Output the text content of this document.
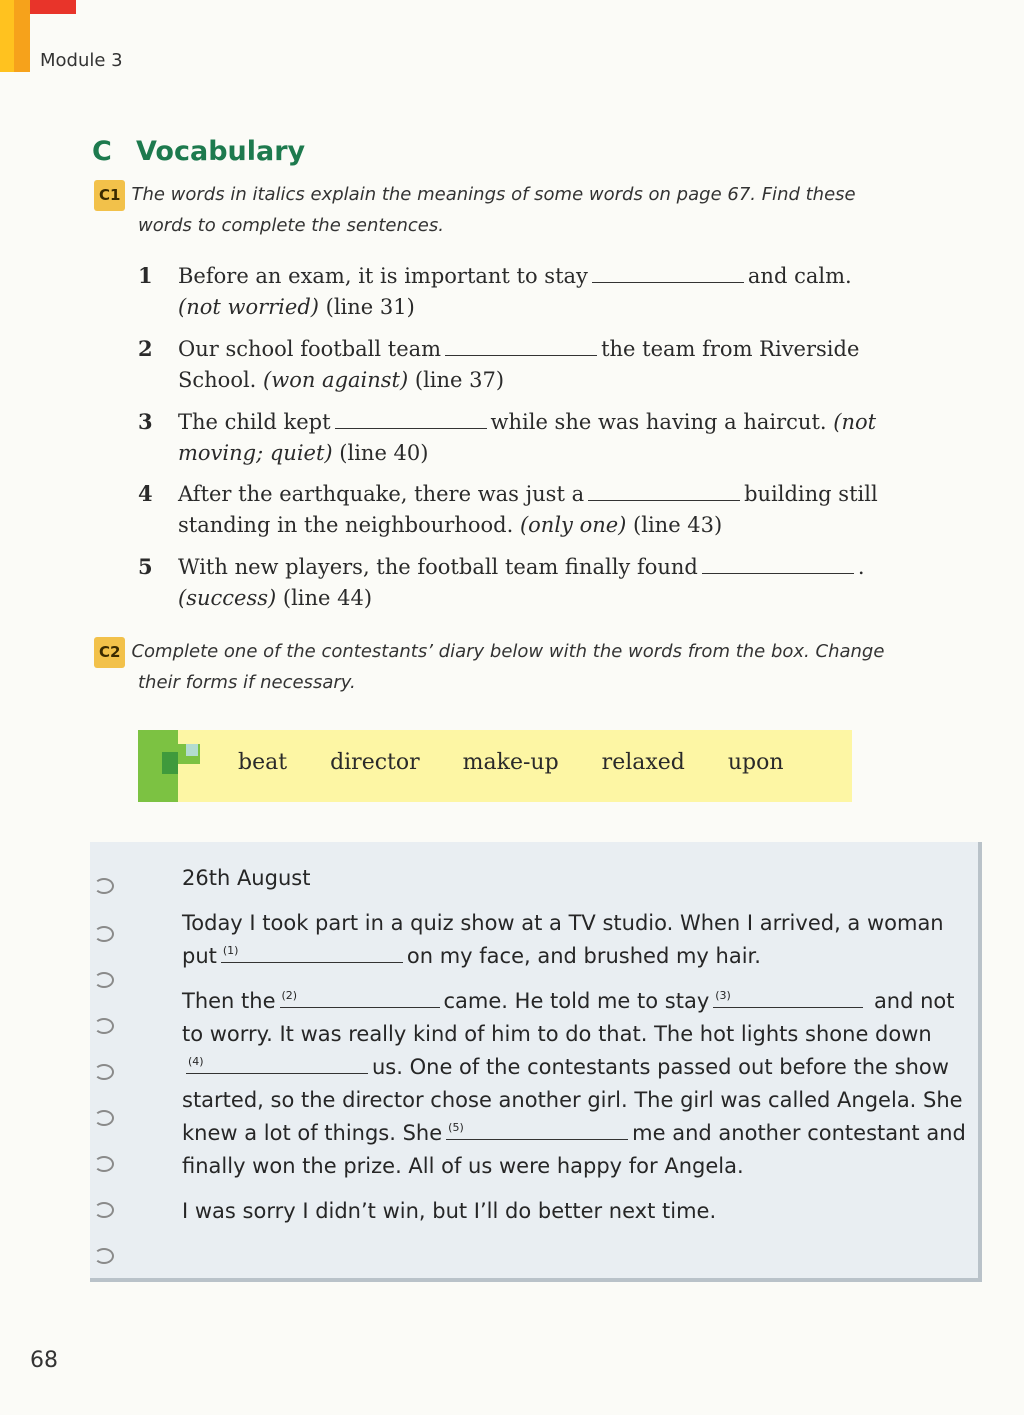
Module 3
C Vocabulary
C1 The words in italics explain the meanings of some words on page 67. Find these
words to complete the sentences.
1 Before an exam, it is important to stay	and calm.
(not worried) (line 31)
2 Our school football team	the team from Riverside
School. (won against) (line 37)
3 The child kept	while she was having a haircut. (not
moving; quiet) (line 40)
4 After the earthquake, there was just a	building still
standing in the neighbourhood. (only one) (line 43)
5 With new players, the football team finally found	.
(success) (line 44)
C2 Complete one of the contestants’ diary below with the words from the box. Change
their forms if necessary.
beat director make-up relaxed upon

26th August

Today I took part in a quiz show at a TV studio. When I arrived, a woman put (1)	on my face, and brushed my hair.

Then the (2)	came. He told me to stay (3)	and not to worry. It was really kind of him to do that. The hot lights shone down
(4)	us. One of the contestants passed out before the show started, so the director chose another girl. The girl was called Angela. She knew a lot of things. She (5)	me and another contestant and finally won the prize. All of us were happy for Angela.

I was sorry I didn’t win, but I’ll do better next time.

68
